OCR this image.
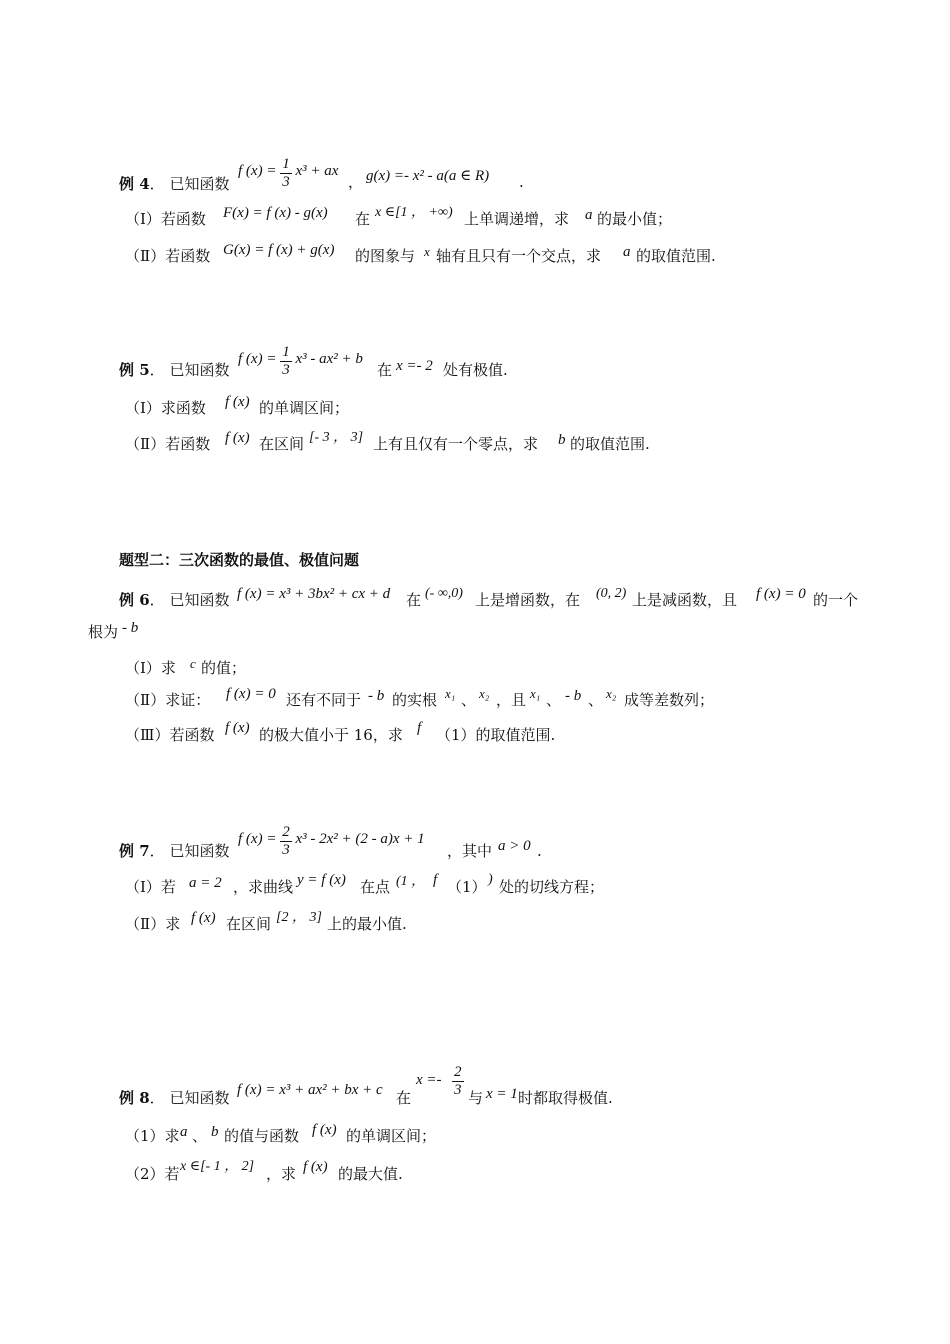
例 4． 已知函数
f $(x) = \frac{1}{3} x^3$ + ax
， g(x) =- x² - a(a ∈ R) .
（Ⅰ）若函数 F(x) = f (x) - g(x) 在 x ∈[1 ， +∞) 上单调递增，求 a 的最小值；
（Ⅱ）若函数 G(x) = f (x) + g(x) 的图象与 x 轴有且只有一个交点，求 a 的取值范围.
例 5． 已知函数
f $(x) = \frac{1}{3} x^3 - ax^2 + b$
在 x =- 2 处有极值.
（Ⅰ）求函数 f (x) 的单调区间；
（Ⅱ）若函数 f (x) 在区间 [- 3 ， 3] 上有且仅有一个零点，求 b 的取值范围.
题型二：三次函数的最值、极值问题
例 6． 已知函数 f (x) = x³ + 3bx² + cx + d 在 (- ∞,0) 上是增函数，在 (0, 2) 上是减函数，且 f (x) = 0 的一个
根为 - b
（Ⅰ）求 c 的值；
（Ⅱ）求证： f (x) = 0 还有不同于 - b 的实根 x₁ 、 x₂ ，且 x₁ 、 - b 、 x₂ 成等差数列；
（Ⅲ）若函数 f (x) 的极大值小于 16，求 f （1）的取值范围.
例 7． 已知函数
f $(x) = \frac{2}{3} x^3 - 2x^2 + (2 - a)x + 1$
，其中 a > 0 .
（Ⅰ）若 a = 2 ，求曲线 y = f (x) 在点 (1 ， f （1） ) 处的切线方程；
（Ⅱ）求 f (x) 在区间 [2 ， 3] 上的最小值.
例 8． 已知函数 f (x) = x³ + ax² + bx + c 在
$x =- \frac{2}{3}$ 与 x = 1 时都取得极值.
（1）求 a 、 b 的值与函数 f (x) 的单调区间；
（2）若 x ∈[- 1 ， 2] ，求 f (x) 的最大值.
